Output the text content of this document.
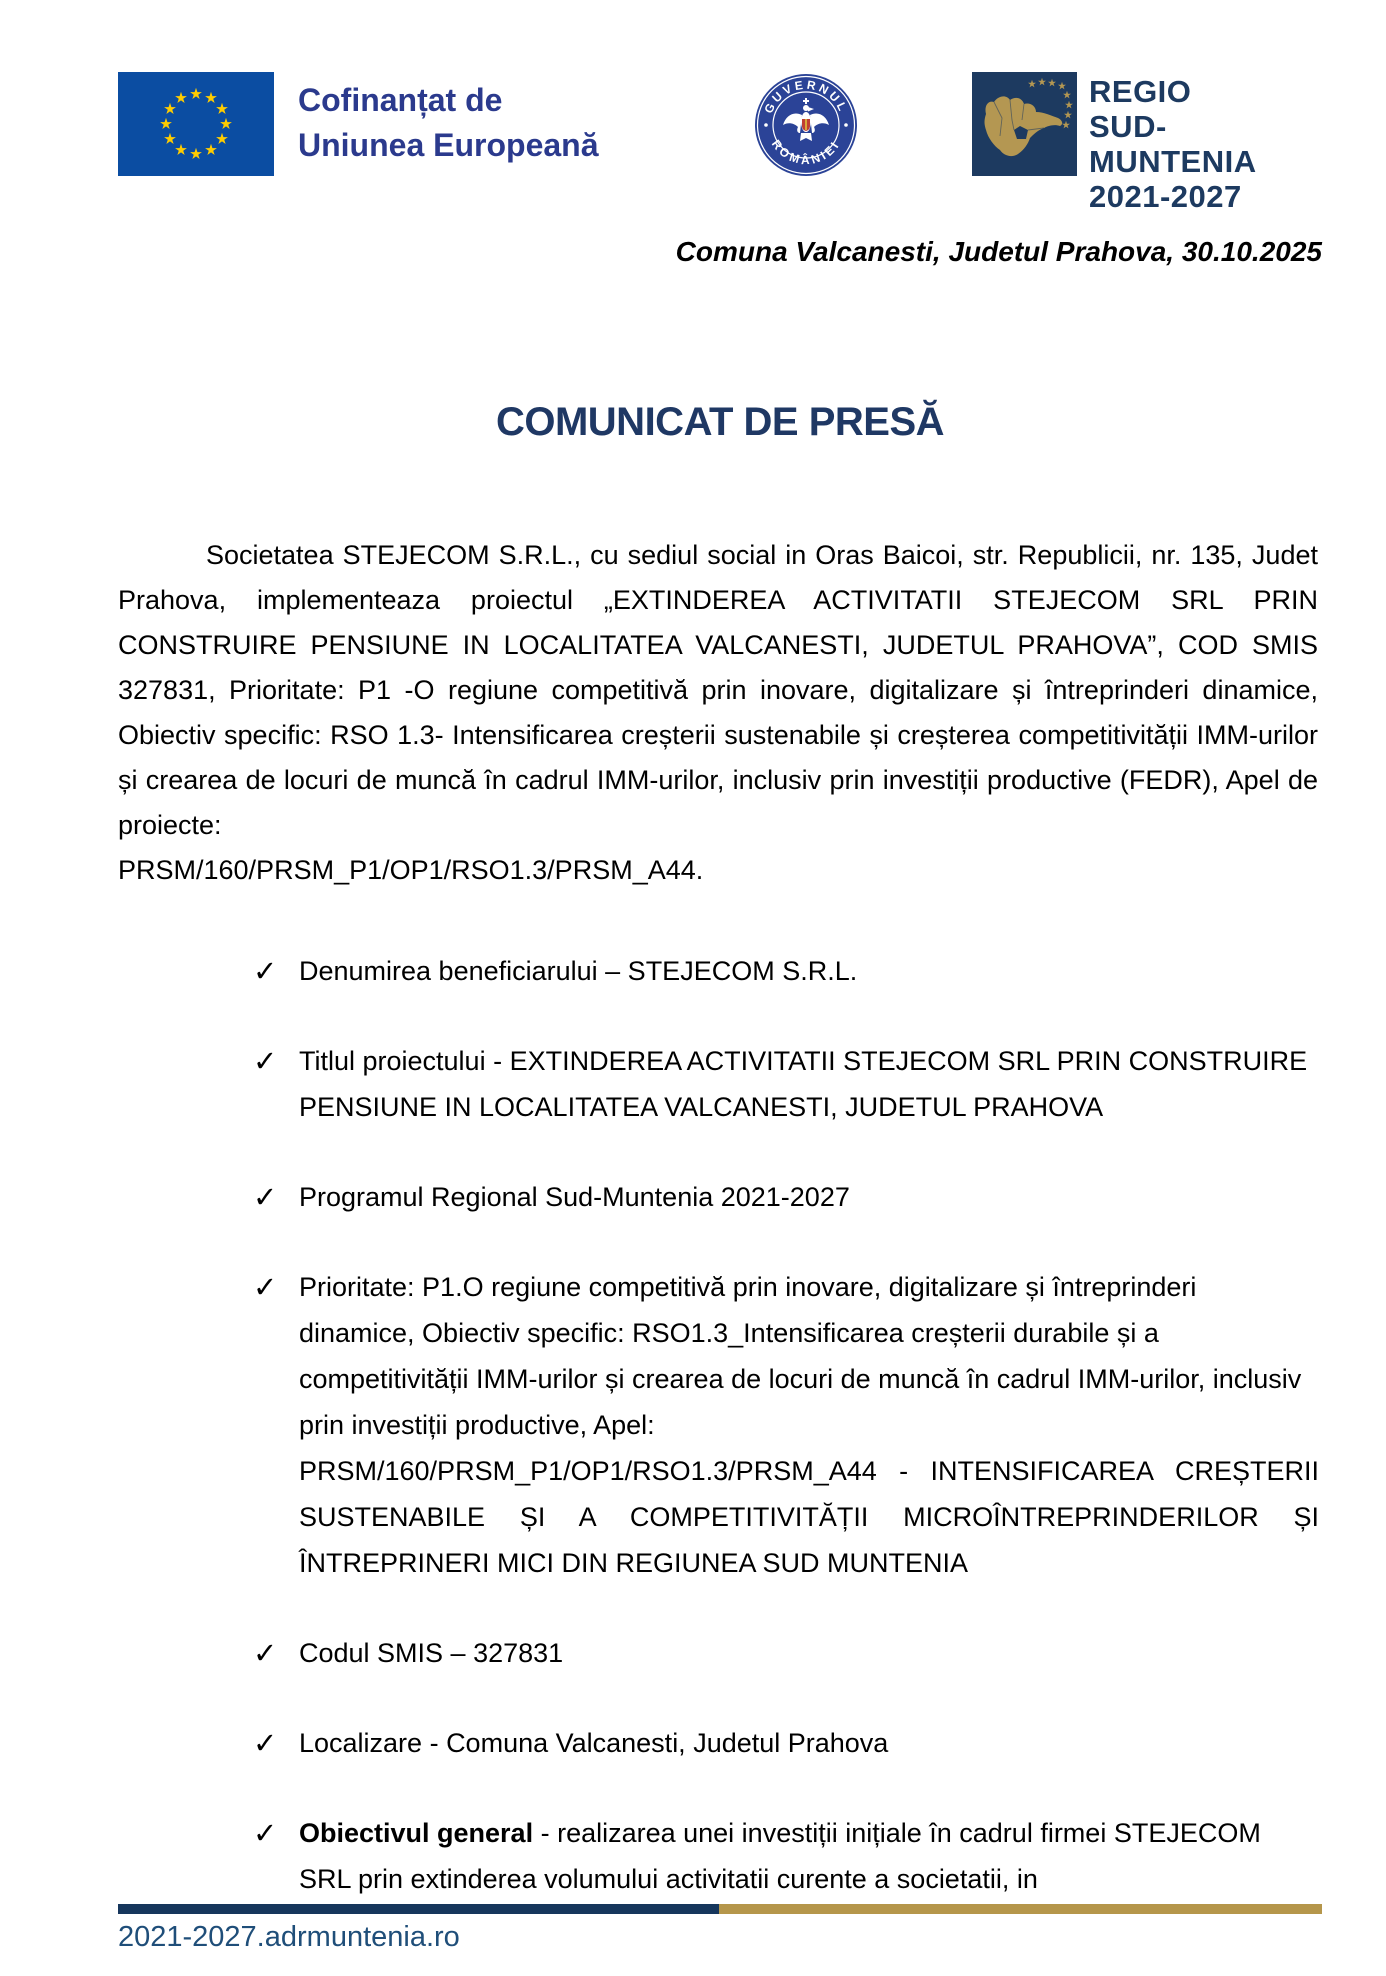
Cofinanțat de
Uniunea Europeană
GUVERNUL
ROMÂNIEI
REGIO
SUD-MUNTENIA
2021-2027
Comuna Valcanesti, Judetul Prahova, 30.10.2025
COMUNICAT DE PRESĂ

Societatea STEJECOM S.R.L., cu sediul social in Oras Baicoi, str. Republicii, nr. 135, Judet Prahova, implementeaza proiectul „EXTINDEREA ACTIVITATII STEJECOM SRL PRIN CONSTRUIRE PENSIUNE IN LOCALITATEA VALCANESTI, JUDETUL PRAHOVA”, COD SMIS 327831, Prioritate: P1 -O regiune competitivă prin inovare, digitalizare și întreprinderi dinamice, Obiectiv specific: RSO 1.3- Intensificarea creșterii sustenabile și creșterea competitivității IMM-urilor și crearea de locuri de muncă în cadrul IMM-urilor, inclusiv prin investiții productive (FEDR), Apel de proiecte:

PRSM/160/PRSM_P1/OP1/RSO1.3/PRSM_A44.
✓ Denumirea beneficiarului – STEJECOM S.R.L.
✓ Titlul proiectului - EXTINDEREA ACTIVITATII STEJECOM SRL PRIN CONSTRUIRE PENSIUNE IN LOCALITATEA VALCANESTI, JUDETUL PRAHOVA
✓ Programul Regional Sud-Muntenia 2021-2027
✓ Prioritate: P1.O regiune competitivă prin inovare, digitalizare și întreprinderi dinamice, Obiectiv specific: RSO1.3_Intensificarea creșterii durabile și a competitivității IMM-urilor și crearea de locuri de muncă în cadrul IMM-urilor, inclusiv prin investiții productive, Apel:
PRSM/160/PRSM_P1/OP1/RSO1.3/PRSM_A44 - INTENSIFICAREA CREȘTERII SUSTENABILE ȘI A COMPETITIVITĂȚII MICROÎNTREPRINDERILOR ȘI ÎNTREPRINERI MICI DIN REGIUNEA SUD MUNTENIA
✓ Codul SMIS – 327831
✓ Localizare - Comuna Valcanesti, Judetul Prahova
✓ Obiectivul general - realizarea unei investiții inițiale în cadrul firmei STEJECOM SRL prin extinderea volumului activitatii curente a societatii, in
2021-2027.adrmuntenia.ro
